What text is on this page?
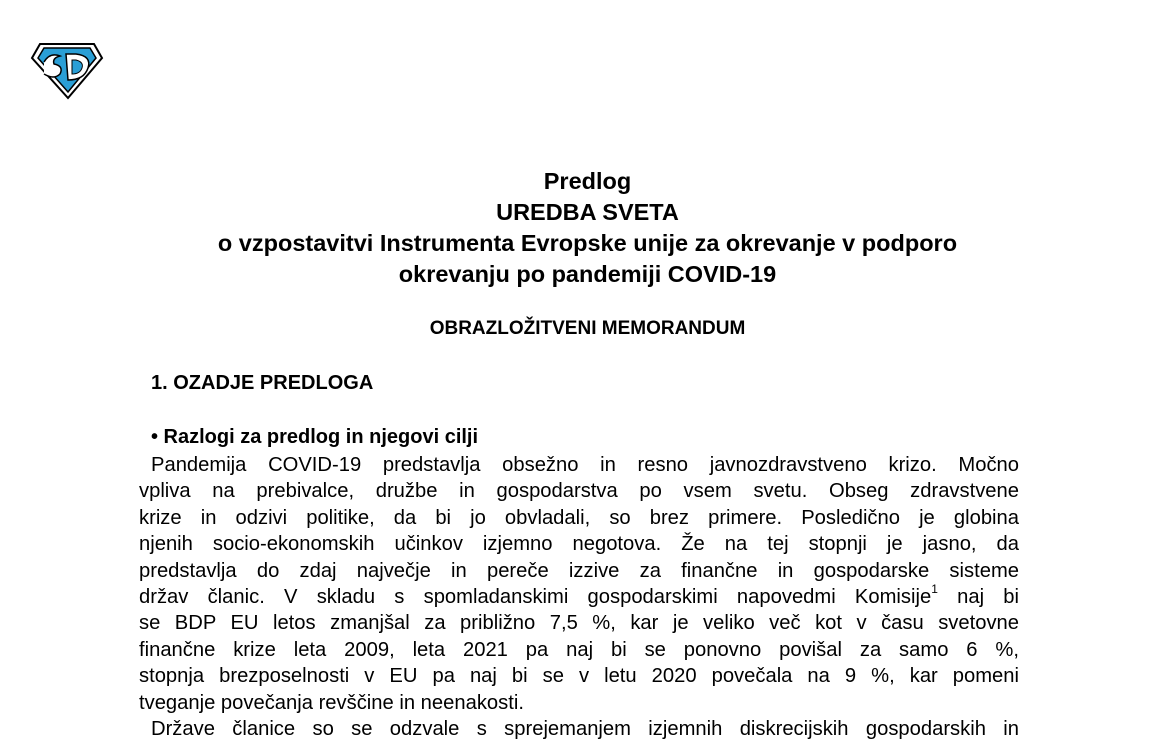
Predlog
UREDBA SVETA
o vzpostavitvi Instrumenta Evropske unije za okrevanje v podporo
okrevanju po pandemiji COVID-19
OBRAZLOŽITVENI MEMORANDUM
1. OZADJE PREDLOGA
• Razlogi za predlog in njegovi cilji
Pandemija COVID-19 predstavlja obsežno in resno javnozdravstveno krizo. Močno
vpliva na prebivalce, družbe in gospodarstva po vsem svetu. Obseg zdravstvene
krize in odzivi politike, da bi jo obvladali, so brez primere. Posledično je globina
njenih socio-ekonomskih učinkov izjemno negotova. Že na tej stopnji je jasno, da
predstavlja do zdaj največje in pereče izzive za finančne in gospodarske sisteme
držav članic. V skladu s spomladanskimi gospodarskimi napovedmi Komisije$^1$ naj bi
se BDP EU letos zmanjšal za približno 7,5 %, kar je veliko več kot v času svetovne
finančne krize leta 2009, leta 2021 pa naj bi se ponovno povišal za samo 6 %,
stopnja brezposelnosti v EU pa naj bi se v letu 2020 povečala na 9 %, kar pomeni
tveganje povečanja revščine in neenakosti.
Države članice so se odzvale s sprejemanjem izjemnih diskrecijskih gospodarskih in
